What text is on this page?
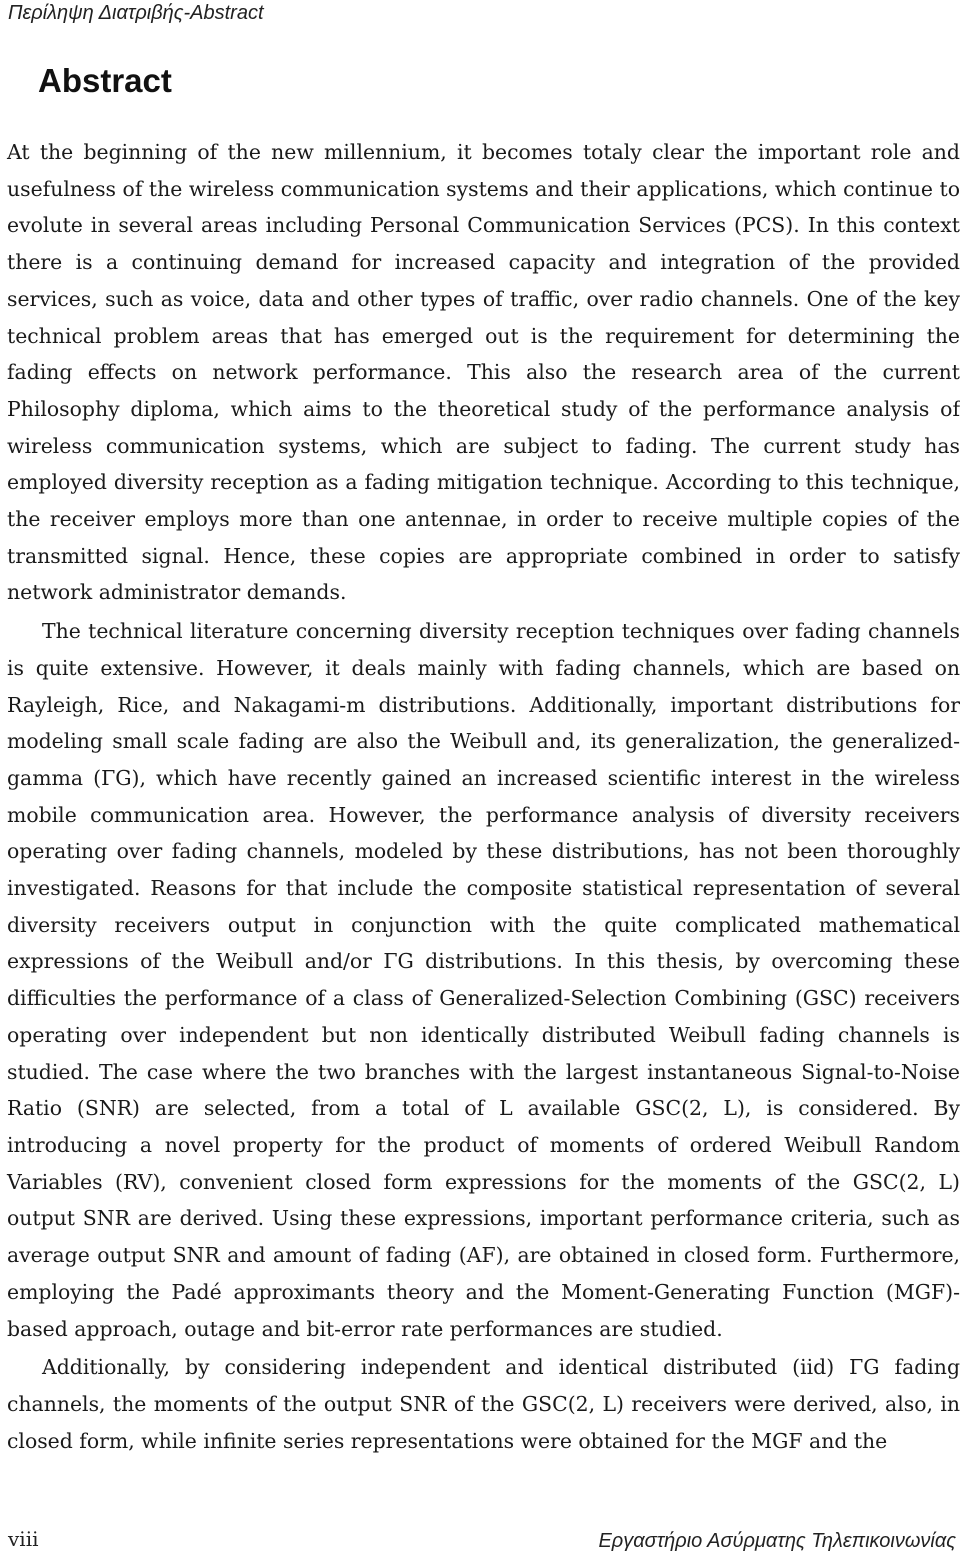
Περίληψη Διατριβής-Abstract
Abstract

At the beginning of the new millennium, it becomes totaly clear the important role and usefulness of the wireless communication systems and their applications, which continue to evolute in several areas including Personal Communication Services (PCS). In this context there is a continuing demand for increased capacity and integration of the provided services, such as voice, data and other types of traffic, over radio channels. One of the key technical problem areas that has emerged out is the requirement for determining the fading effects on network performance. This also the research area of the current Philosophy diploma, which aims to the theoretical study of the performance analysis of wireless communication systems, which are subject to fading. The current study has employed diversity reception as a fading mitigation technique. According to this technique, the receiver employs more than one antennae, in order to receive multiple copies of the transmitted signal. Hence, these copies are appropriate combined in order to satisfy network administrator demands.

The technical literature concerning diversity reception techniques over fading channels is quite extensive. However, it deals mainly with fading channels, which are based on Rayleigh, Rice, and Nakagami-m distributions. Additionally, important distributions for modeling small scale fading are also the Weibull and, its generalization, the generalized-gamma (ΓG), which have recently gained an increased scientific interest in the wireless mobile communication area. However, the performance analysis of diversity receivers operating over fading channels, modeled by these distributions, has not been thoroughly investigated. Reasons for that include the composite statistical representation of several diversity receivers output in conjunction with the quite complicated mathematical expressions of the Weibull and/or ΓG distributions. In this thesis, by overcoming these difficulties the performance of a class of Generalized-Selection Combining (GSC) receivers operating over independent but non identically distributed Weibull fading channels is studied. The case where the two branches with the largest instantaneous Signal-to-Noise Ratio (SNR) are selected, from a total of L available GSC(2, L), is considered. By introducing a novel property for the product of moments of ordered Weibull Random Variables (RV), convenient closed form expressions for the moments of the GSC(2, L) output SNR are derived. Using these expressions, important performance criteria, such as average output SNR and amount of fading (AF), are obtained in closed form. Furthermore, employing the Padé approximants theory and the Moment-Generating Function (MGF)-based approach, outage and bit-error rate performances are studied.

Additionally, by considering independent and identical distributed (iid) ΓG fading channels, the moments of the output SNR of the GSC(2, L) receivers were derived, also, in closed form, while infinite series representations were obtained for the MGF and the

viii	Εργαστήριο Ασύρματης Τηλεπικοινωνίας
